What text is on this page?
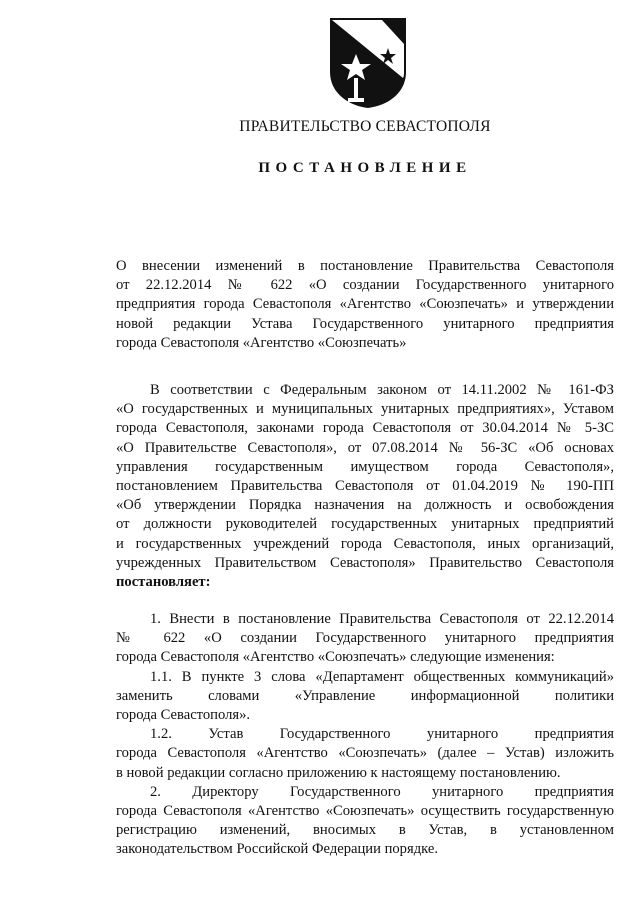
ПРАВИТЕЛЬСТВО СЕВАСТОПОЛЯ
ПОСТАНОВЛЕНИЕ
О внесении изменений в постановление Правительства Севастополя
от 22.12.2014 № 622 «О создании Государственного унитарного
предприятия города Севастополя «Агентство «Союзпечать» и утверждении
новой редакции Устава Государственного унитарного предприятия
города Севастополя «Агентство «Союзпечать»
В соответствии с Федеральным законом от 14.11.2002 № 161-ФЗ
«О государственных и муниципальных унитарных предприятиях», Уставом
города Севастополя, законами города Севастополя от 30.04.2014 № 5-ЗС
«О Правительстве Севастополя», от 07.08.2014 № 56-ЗС «Об основах
управления государственным имуществом города Севастополя»,
постановлением Правительства Севастополя от 01.04.2019 № 190-ПП
«Об утверждении Порядка назначения на должность и освобождения
от должности руководителей государственных унитарных предприятий
и государственных учреждений города Севастополя, иных организаций,
учрежденных Правительством Севастополя» Правительство Севастополя
постановляет:
1. Внести в постановление Правительства Севастополя от 22.12.2014
№ 622 «О создании Государственного унитарного предприятия
города Севастополя «Агентство «Союзпечать» следующие изменения:
1.1. В пункте 3 слова «Департамент общественных коммуникаций»
заменить словами «Управление информационной политики
города Севастополя».
1.2. Устав Государственного унитарного предприятия
города Севастополя «Агентство «Союзпечать» (далее – Устав) изложить
в новой редакции согласно приложению к настоящему постановлению.
2. Директору Государственного унитарного предприятия
города Севастополя «Агентство «Союзпечать» осуществить государственную
регистрацию изменений, вносимых в Устав, в установленном
законодательством Российской Федерации порядке.
